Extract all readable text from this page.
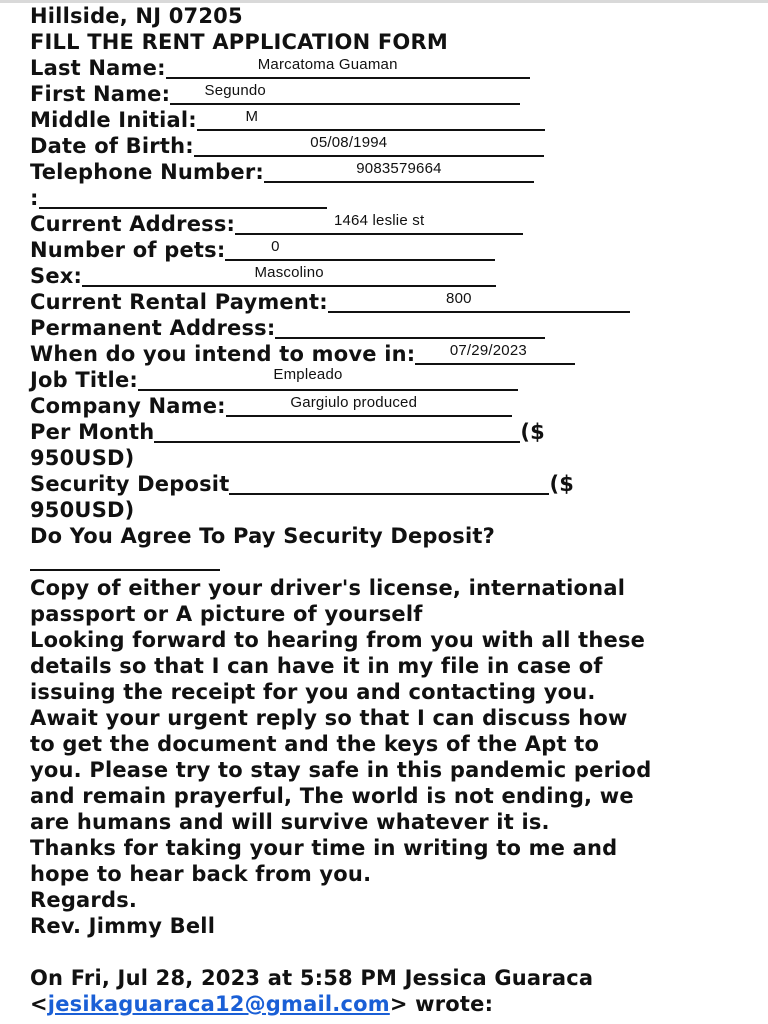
Hillside, NJ 07205
FILL THE RENT APPLICATION FORM
Last Name:	Marcatoma Guaman
First Name:	Segundo
Middle Initial:	M
Date of Birth:	05/08/1994
Telephone Number:	9083579664
:
Current Address:	1464 leslie st
Number of pets:	0
Sex:	Mascolino
Current Rental Payment:	800
Permanent Address:
When do you intend to move in:	07/29/2023
Job Title:	Empleado
Company Name:	Gargiulo produced
Per Month	($
950USD)
Security Deposit	($
950USD)
Do You Agree To Pay Security Deposit?
Copy of either your driver's license, international
passport or A picture of yourself
Looking forward to hearing from you with all these
details so that I can have it in my file in case of
issuing the receipt for you and contacting you.
Await your urgent reply so that I can discuss how
to get the document and the keys of the Apt to
you. Please try to stay safe in this pandemic period
and remain prayerful, The world is not ending, we
are humans and will survive whatever it is.
Thanks for taking your time in writing to me and
hope to hear back from you.
Regards.
Rev. Jimmy Bell
On Fri, Jul 28, 2023 at 5:58 PM Jessica Guaraca
<jesikaguaraca12@gmail.com> wrote:
